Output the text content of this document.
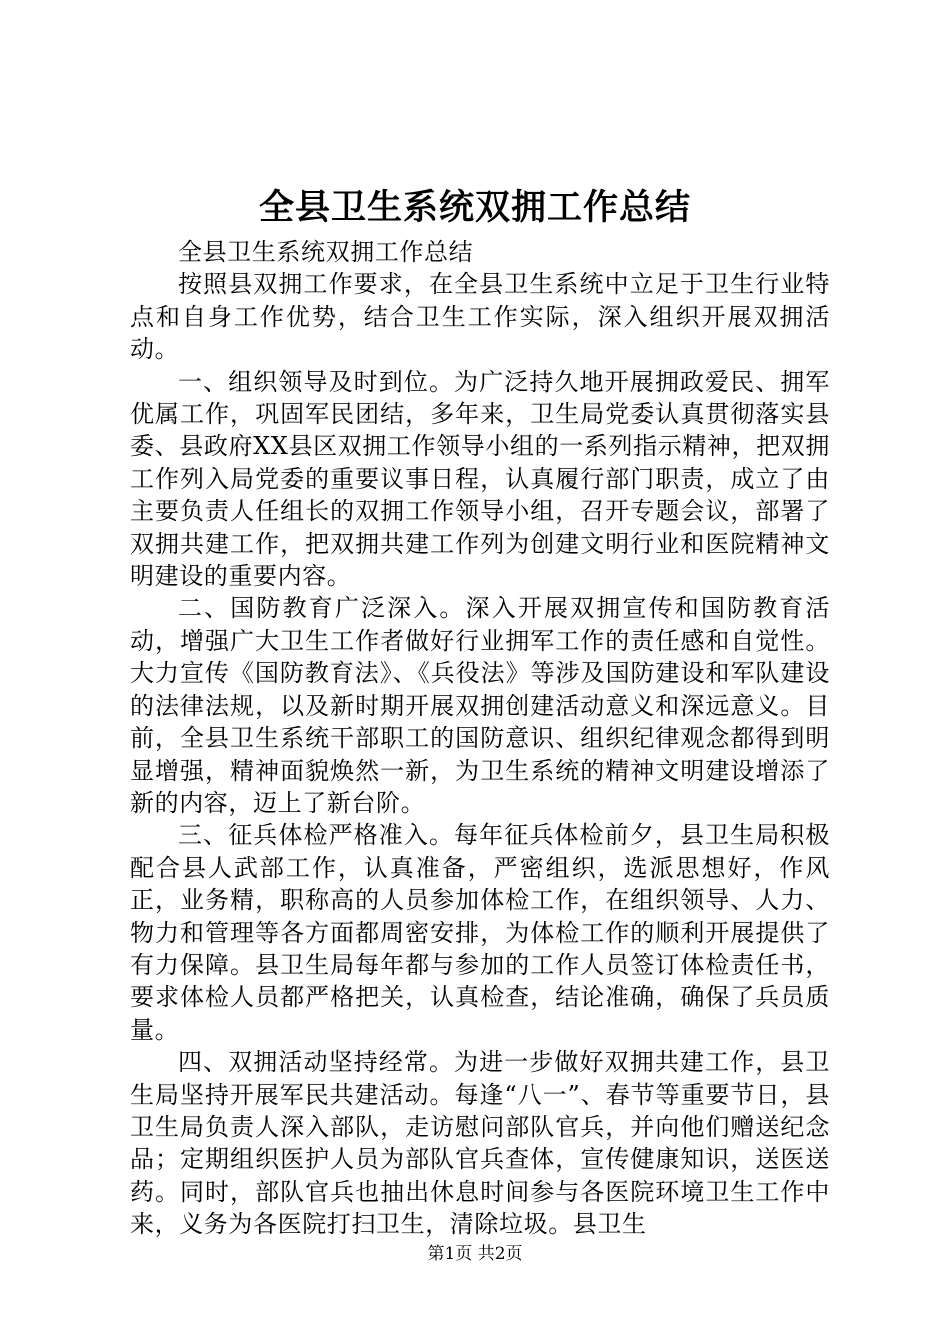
全县卫生系统双拥工作总结

全县卫生系统双拥工作总结

按照县双拥工作要求，在全县卫生系统中立足于卫生行业特点和自身工作优势，结合卫生工作实际，深入组织开展双拥活动。

一、组织领导及时到位。为广泛持久地开展拥政爱民、拥军优属工作，巩固军民团结，多年来，卫生局党委认真贯彻落实县委、县政府XX县区双拥工作领导小组的一系列指示精神，把双拥工作列入局党委的重要议事日程，认真履行部门职责，成立了由主要负责人任组长的双拥工作领导小组，召开专题会议，部署了双拥共建工作，把双拥共建工作列为创建文明行业和医院精神文明建设的重要内容。

二、国防教育广泛深入。深入开展双拥宣传和国防教育活动，增强广大卫生工作者做好行业拥军工作的责任感和自觉性。大力宣传《国防教育法》、《兵役法》等涉及国防建设和军队建设的法律法规，以及新时期开展双拥创建活动意义和深远意义。目前，全县卫生系统干部职工的国防意识、组织纪律观念都得到明显增强，精神面貌焕然一新，为卫生系统的精神文明建设增添了新的内容，迈上了新台阶。

三、征兵体检严格准入。每年征兵体检前夕，县卫生局积极配合县人武部工作，认真准备，严密组织，选派思想好，作风正，业务精，职称高的人员参加体检工作，在组织领导、人力、物力和管理等各方面都周密安排，为体检工作的顺利开展提供了有力保障。县卫生局每年都与参加的工作人员签订体检责任书，要求体检人员都严格把关，认真检查，结论准确，确保了兵员质量。

四、双拥活动坚持经常。为进一步做好双拥共建工作，县卫生局坚持开展军民共建活动。每逢“八一”、春节等重要节日，县卫生局负责人深入部队，走访慰问部队官兵，并向他们赠送纪念品；定期组织医护人员为部队官兵查体，宣传健康知识，送医送药。同时，部队官兵也抽出休息时间参与各医院环境卫生工作中来，义务为各医院打扫卫生，清除垃圾。县卫生

第1页 共2页
